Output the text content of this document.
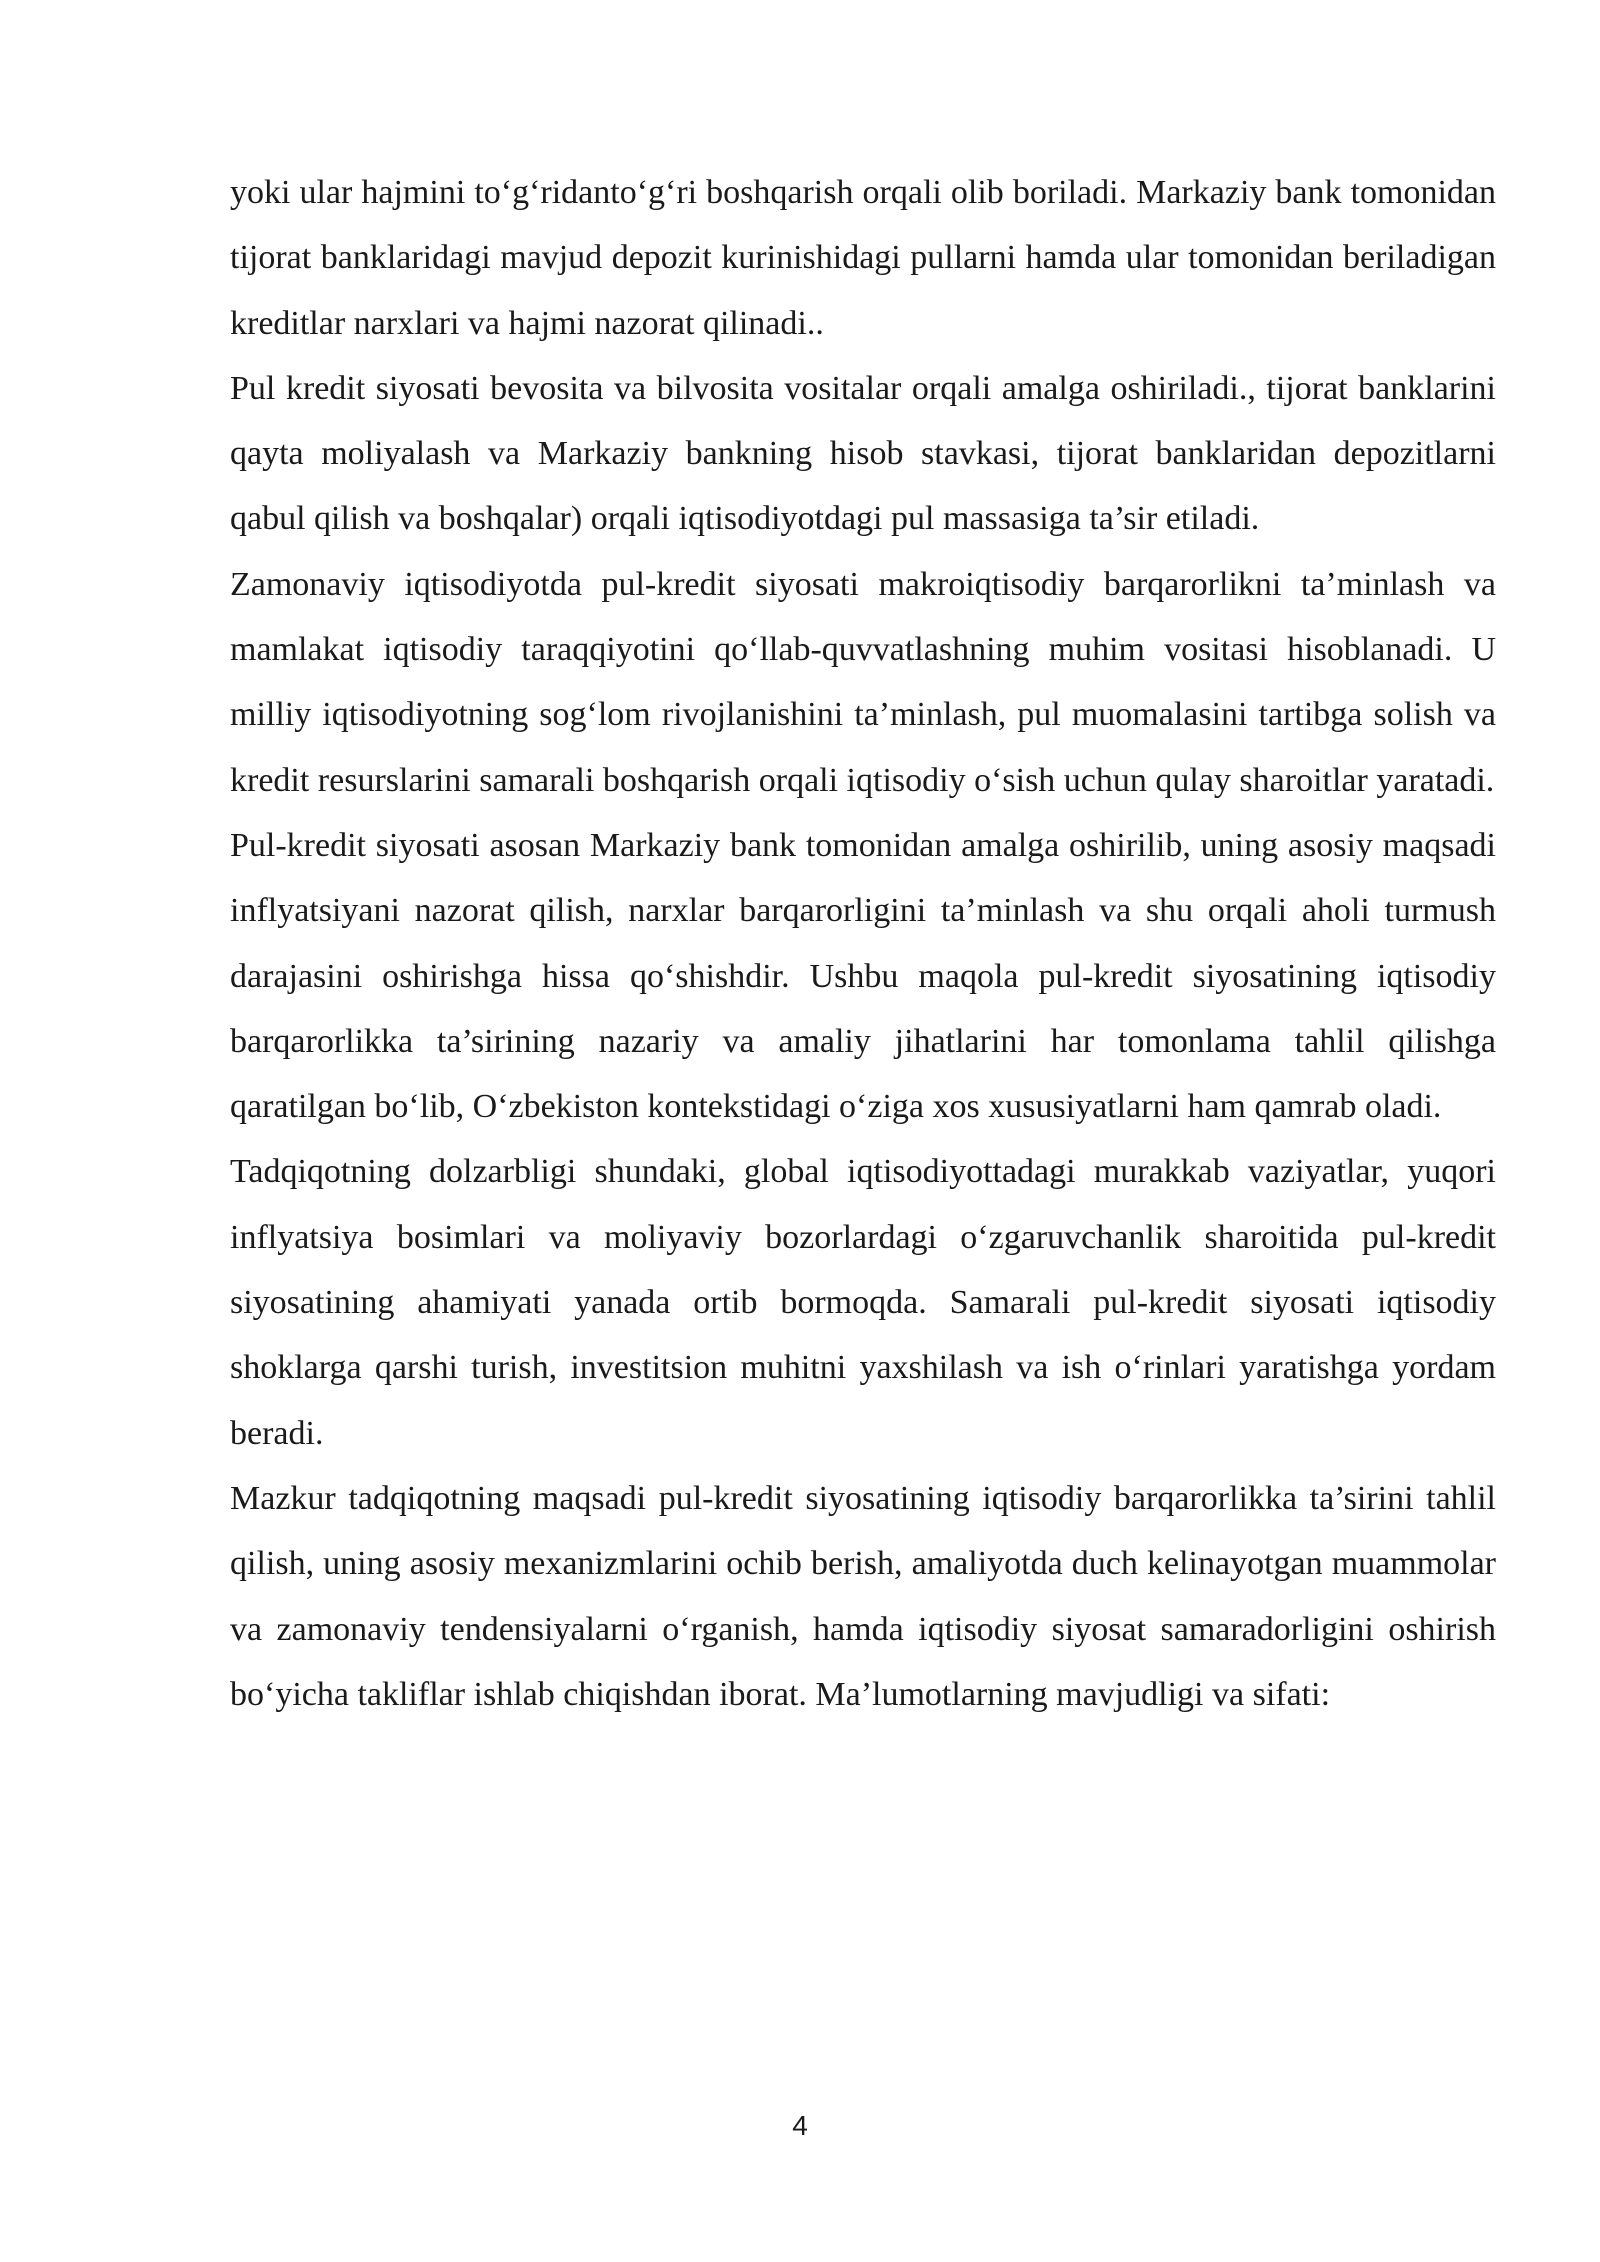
yoki ular hajmini to‘g‘ridanto‘g‘ri boshqarish orqali olib boriladi. Markaziy bank tomonidan tijorat banklaridagi mavjud depozit kurinishidagi pullarni hamda ular tomonidan beriladigan kreditlar narxlari va hajmi nazorat qilinadi..

Pul kredit siyosati bevosita va bilvosita vositalar orqali amalga oshiriladi., tijorat banklarini qayta moliyalash va Markaziy bankning hisob stavkasi, tijorat banklaridan depozitlarni qabul qilish va boshqalar) orqali iqtisodiyotdagi pul massasiga ta’sir etiladi.

Zamonaviy iqtisodiyotda pul-kredit siyosati makroiqtisodiy barqarorlikni ta’minlash va mamlakat iqtisodiy taraqqiyotini qo‘llab-quvvatlashning muhim vositasi hisoblanadi. U milliy iqtisodiyotning sog‘lom rivojlanishini ta’minlash, pul muomalasini tartibga solish va kredit resurslarini samarali boshqarish orqali iqtisodiy o‘sish uchun qulay sharoitlar yaratadi.

Pul-kredit siyosati asosan Markaziy bank tomonidan amalga oshirilib, uning asosiy maqsadi inflyatsiyani nazorat qilish, narxlar barqarorligini ta’minlash va shu orqali aholi turmush darajasini oshirishga hissa qo‘shishdir. Ushbu maqola pul-kredit siyosatining iqtisodiy barqarorlikka ta’sirining nazariy va amaliy jihatlarini har tomonlama tahlil qilishga qaratilgan bo‘lib, O‘zbekiston kontekstidagi o‘ziga xos xususiyatlarni ham qamrab oladi.

Tadqiqotning dolzarbligi shundaki, global iqtisodiyottadagi murakkab vaziyatlar, yuqori inflyatsiya bosimlari va moliyaviy bozorlardagi o‘zgaruvchanlik sharoitida pul-kredit siyosatining ahamiyati yanada ortib bormoqda. Samarali pul-kredit siyosati iqtisodiy shoklarga qarshi turish, investitsion muhitni yaxshilash va ish o‘rinlari yaratishga yordam beradi.

Mazkur tadqiqotning maqsadi pul-kredit siyosatining iqtisodiy barqarorlikka ta’sirini tahlil qilish, uning asosiy mexanizmlarini ochib berish, amaliyotda duch kelinayotgan muammolar va zamonaviy tendensiyalarni o‘rganish, hamda iqtisodiy siyosat samaradorligini oshirish bo‘yicha takliflar ishlab chiqishdan iborat. Ma’lumotlarning mavjudligi va sifati:

4
